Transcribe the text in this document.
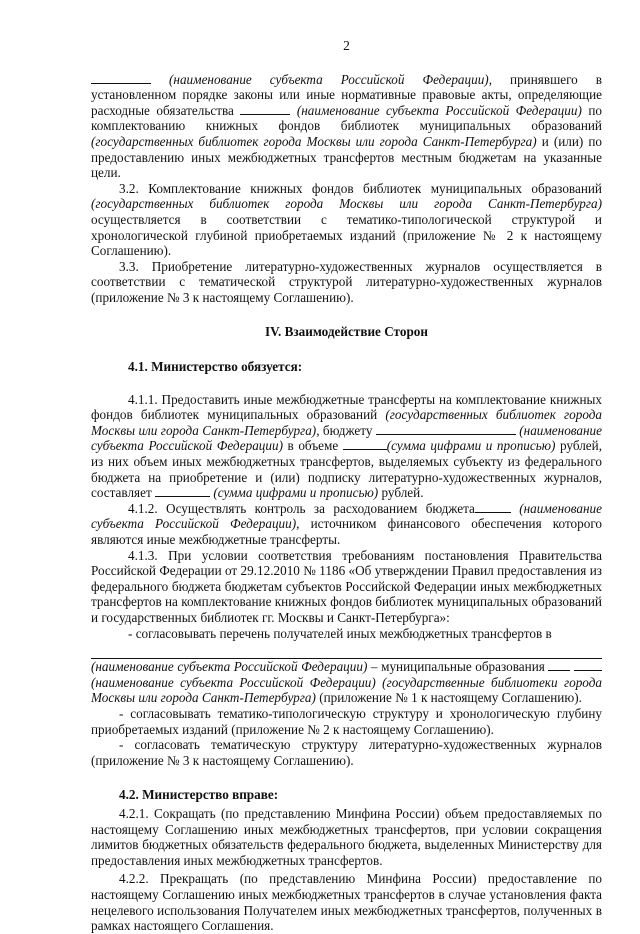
2

(наименование субъекта Российской Федерации), принявшего в установленном порядке законы или иные нормативные правовые акты, определяющие расходные обязательства	(наименование субъекта Российской Федерации) по комплектованию книжных фондов библиотек муниципальных образований (государственных библиотек города Москвы или города Санкт-Петербурга) и (или) по предоставлению иных межбюджетных трансфертов местным бюджетам на указанные цели.

3.2. Комплектование книжных фондов библиотек муниципальных образований (государственных библиотек города Москвы или города Санкт-Петербурга) осуществляется в соответствии с тематико-типологической структурой и хронологической глубиной приобретаемых изданий (приложение № 2 к настоящему Соглашению).

3.3. Приобретение литературно-художественных журналов осуществляется в соответствии с тематической структурой литературно-художественных журналов (приложение № 3 к настоящему Соглашению).

IV. Взаимодействие Сторон
4.1. Министерство обязуется:

4.1.1. Предоставить иные межбюджетные трансферты на комплектование книжных фондов библиотек муниципальных образований (государственных библиотек города Москвы или города Санкт-Петербурга), бюджету	(наименование субъекта Российской Федерации) в объеме	(сумма цифрами и прописью) рублей, из них объем иных межбюджетных трансфертов, выделяемых субъекту из федерального бюджета на приобретение и (или) подписку литературно-художественных журналов, составляет	(сумма цифрами и прописью) рублей.

4.1.2. Осуществлять контроль за расходованием бюджета	(наименование субъекта Российской Федерации), источником финансового обеспечения которого являются иные межбюджетные трансферты.

4.1.3. При условии соответствия требованиям постановления Правительства Российской Федерации от 29.12.2010 № 1186 «Об утверждении Правил предоставления из федерального бюджета бюджетам субъектов Российской Федерации иных межбюджетных трансфертов на комплектование книжных фондов библиотек муниципальных образований и государственных библиотек гг. Москвы и Санкт-Петербурга»:

- согласовывать перечень получателей иных межбюджетных трансфертов в

(наименование субъекта Российской Федерации) – муниципальные образования   (наименование субъекта Российской Федерации) (государственные библиотеки города Москвы или города Санкт-Петербурга) (приложение № 1 к настоящему Соглашению).

- согласовывать тематико-типологическую структуру и хронологическую глубину приобретаемых изданий (приложение № 2 к настоящему Соглашению).

- согласовать тематическую структуру литературно-художественных журналов (приложение № 3 к настоящему Соглашению).

4.2. Министерство вправе:

4.2.1. Сокращать (по представлению Минфина России) объем предоставляемых по настоящему Соглашению иных межбюджетных трансфертов, при условии сокращения лимитов бюджетных обязательств федерального бюджета, выделенных Министерству для предоставления иных межбюджетных трансфертов.

4.2.2. Прекращать (по представлению Минфина России) предоставление по настоящему Соглашению иных межбюджетных трансфертов в случае установления факта нецелевого использования Получателем иных межбюджетных трансфертов, полученных в рамках настоящего Соглашения.
